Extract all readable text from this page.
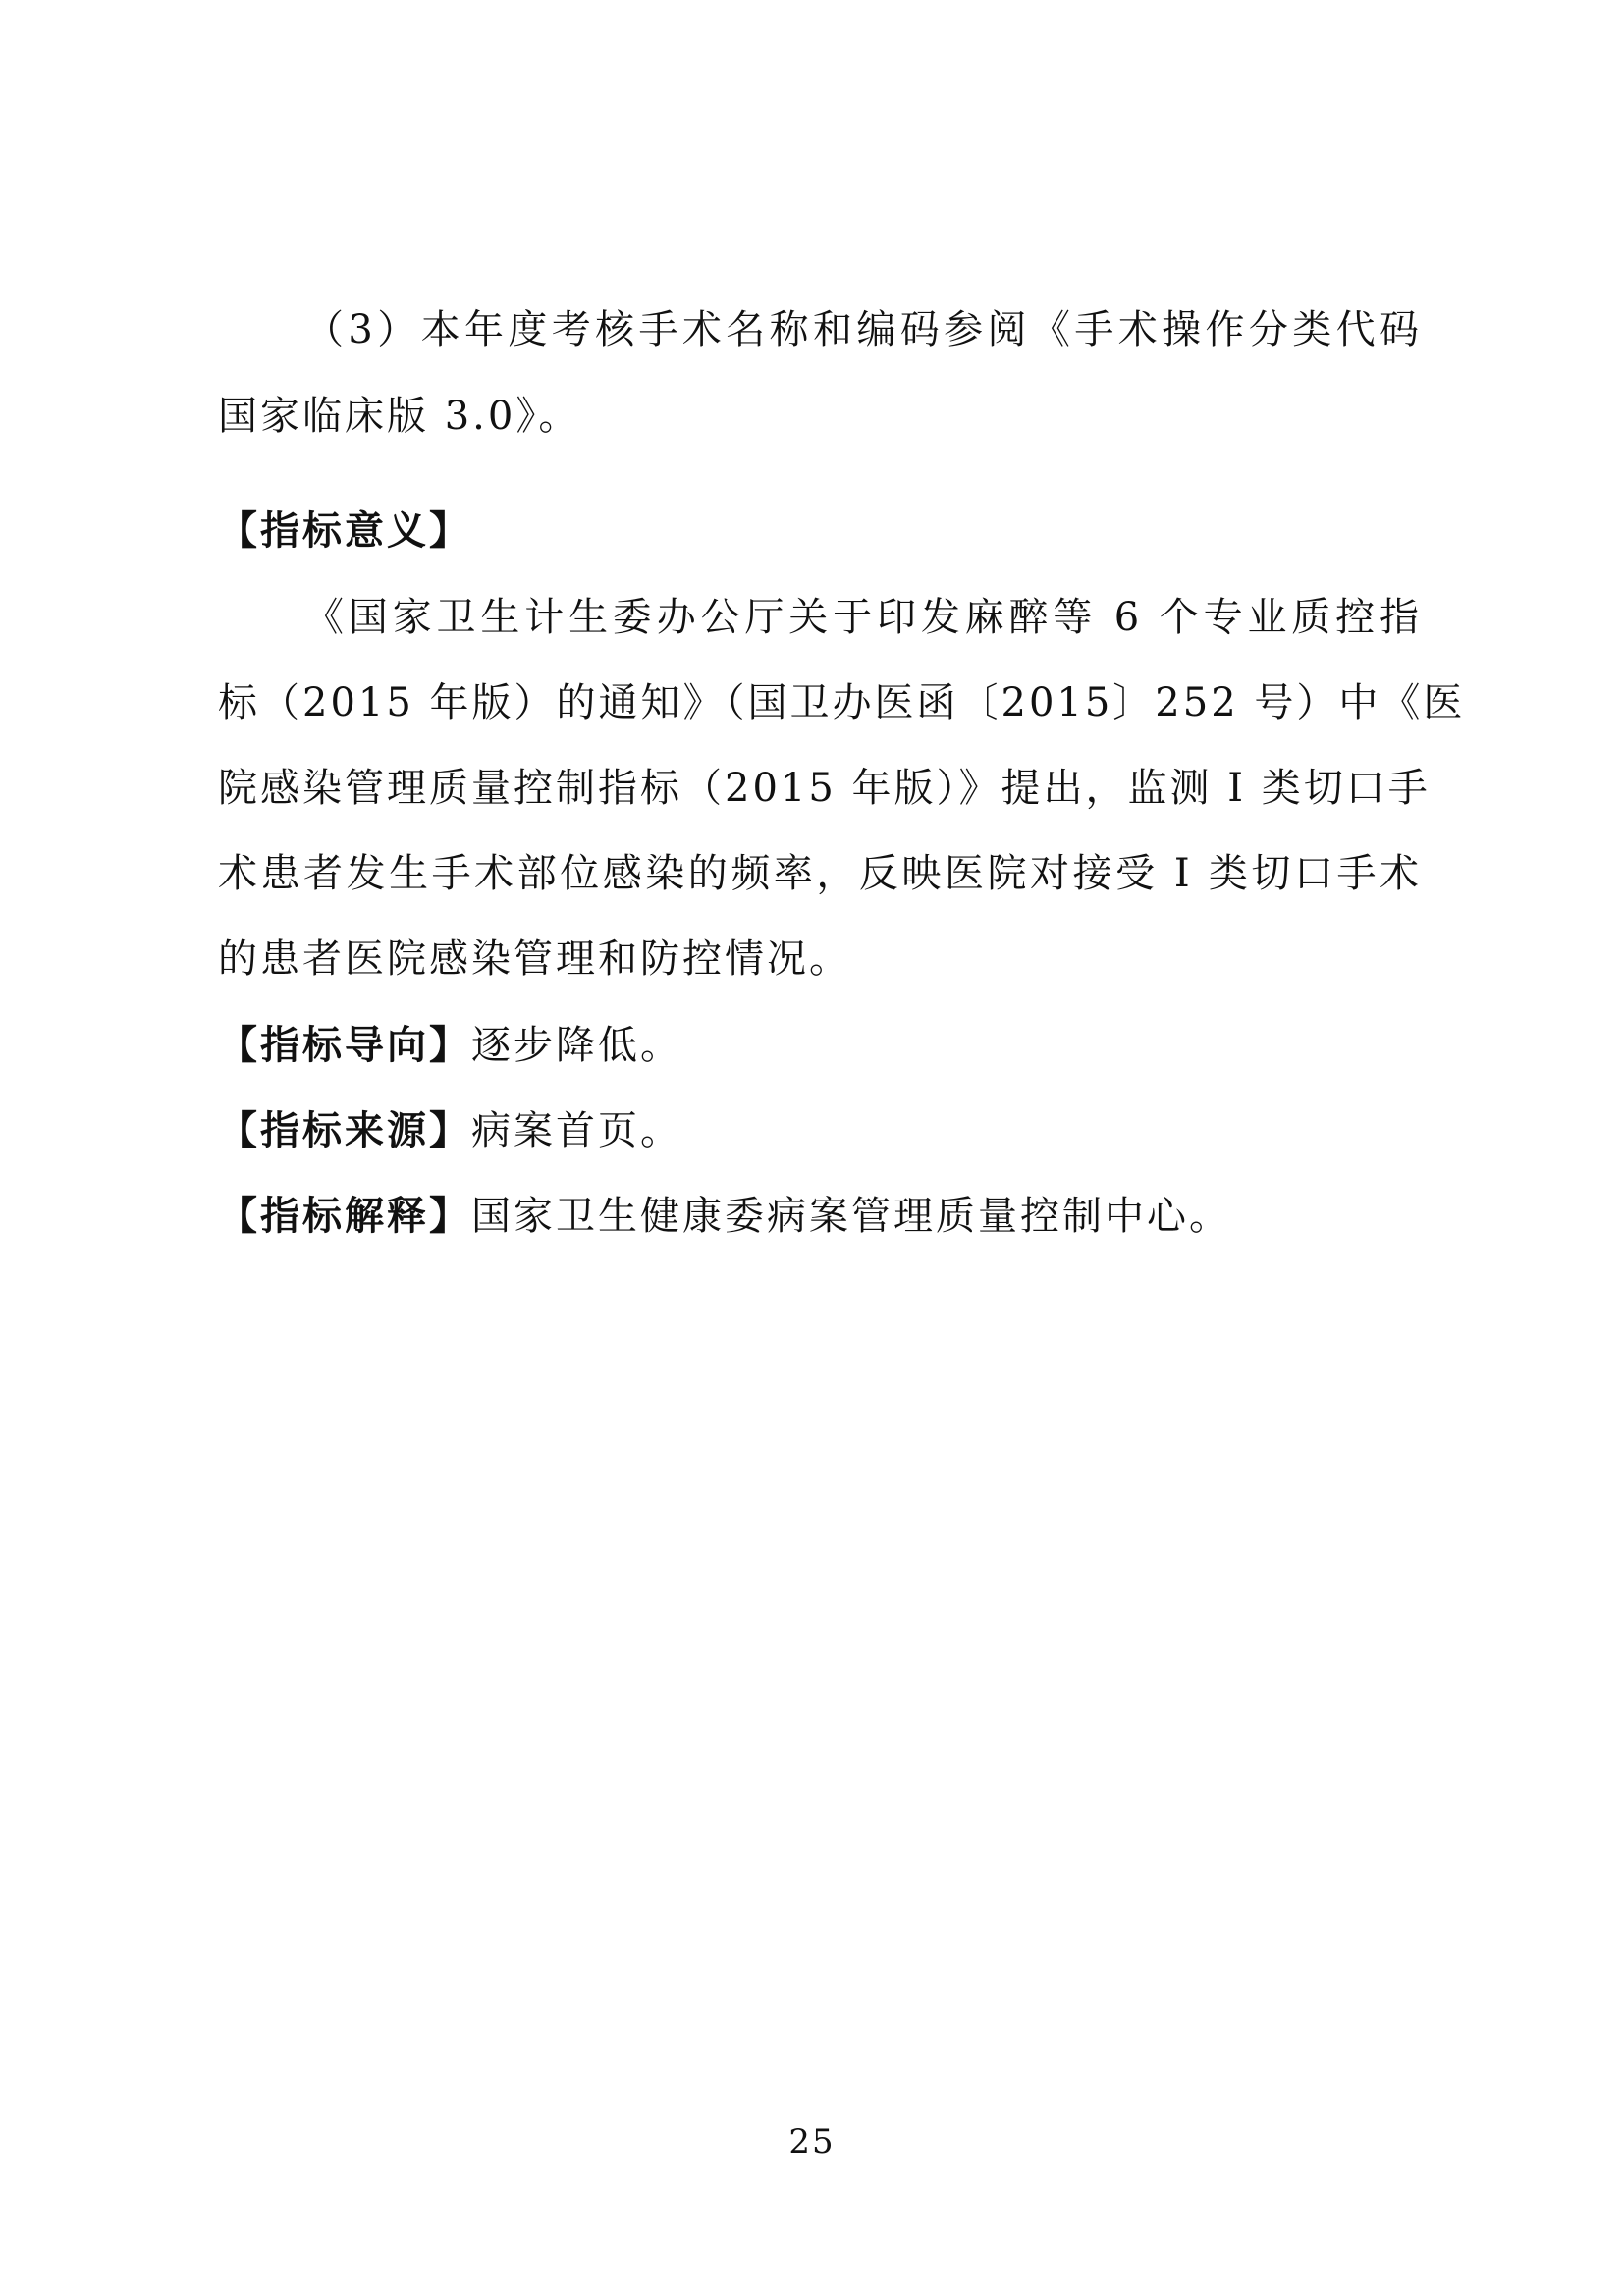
（3）本年度考核手术名称和编码参阅《手术操作分类代码
国家临床版 3.0》。
【指标意义】
《国家卫生计生委办公厅关于印发麻醉等 6 个专业质控指
标（2015 年版）的通知》（国卫办医函〔2015〕252 号）中《医
院感染管理质量控制指标（2015 年版）》提出，监测 I 类切口手
术患者发生手术部位感染的频率，反映医院对接受 I 类切口手术
的患者医院感染管理和防控情况。
【指标导向】逐步降低。
【指标来源】病案首页。
【指标解释】国家卫生健康委病案管理质量控制中心。
25
